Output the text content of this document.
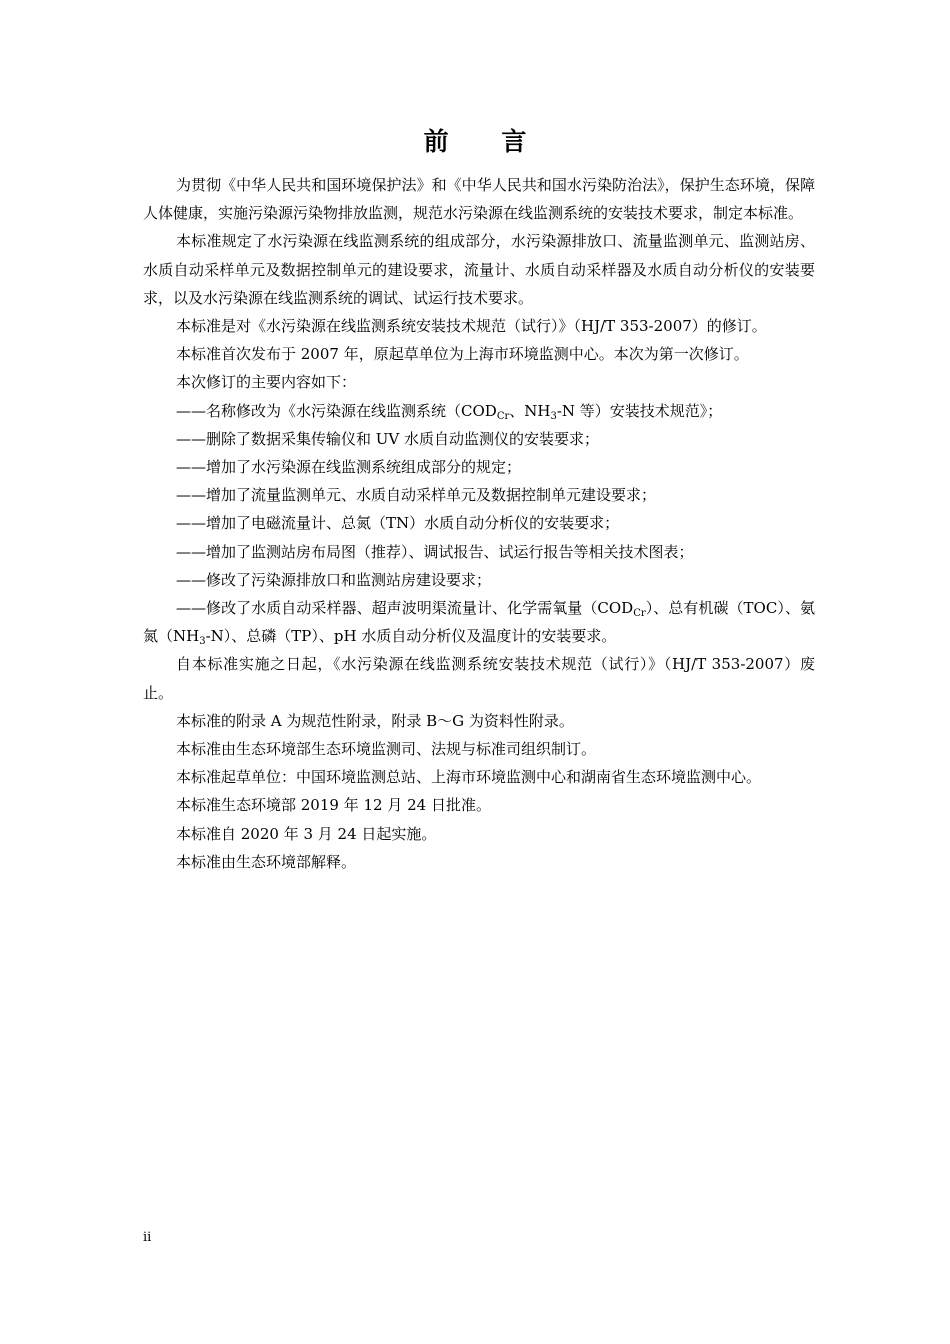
前 言

为贯彻《中华人民共和国环境保护法》和《中华人民共和国水污染防治法》，保护生态环境，保障人体健康，实施污染源污染物排放监测，规范水污染源在线监测系统的安装技术要求，制定本标准。

本标准规定了水污染源在线监测系统的组成部分，水污染源排放口、流量监测单元、监测站房、水质自动采样单元及数据控制单元的建设要求，流量计、水质自动采样器及水质自动分析仪的安装要求，以及水污染源在线监测系统的调试、试运行技术要求。

本标准是对《水污染源在线监测系统安装技术规范（试行）》（HJ/T 353-2007）的修订。

本标准首次发布于 2007 年，原起草单位为上海市环境监测中心。本次为第一次修订。

本次修订的主要内容如下：

——名称修改为《水污染源在线监测系统（$COD_{Cr}$、$NH_3-N$ 等）安装技术规范》；

——删除了数据采集传输仪和 UV 水质自动监测仪的安装要求；

——增加了水污染源在线监测系统组成部分的规定；

——增加了流量监测单元、水质自动采样单元及数据控制单元建设要求；

——增加了电磁流量计、总氮（TN）水质自动分析仪的安装要求；

——增加了监测站房布局图（推荐）、调试报告、试运行报告等相关技术图表；

——修改了污染源排放口和监测站房建设要求；

——修改了水质自动采样器、超声波明渠流量计、化学需氧量$(COD_{Cr})$、总有机碳（TOC）、氨氮$(NH_3-N)$、总磷（TP）、pH 水质自动分析仪及温度计的安装要求。

自本标准实施之日起，《水污染源在线监测系统安装技术规范（试行）》（HJ/T 353-2007）废止。

本标准的附录 A 为规范性附录，附录 B～G 为资料性附录。

本标准由生态环境部生态环境监测司、法规与标准司组织制订。

本标准起草单位：中国环境监测总站、上海市环境监测中心和湖南省生态环境监测中心。

本标准生态环境部 2019 年 12 月 24 日批准。

本标准自 2020 年 3 月 24 日起实施。

本标准由生态环境部解释。

ii
